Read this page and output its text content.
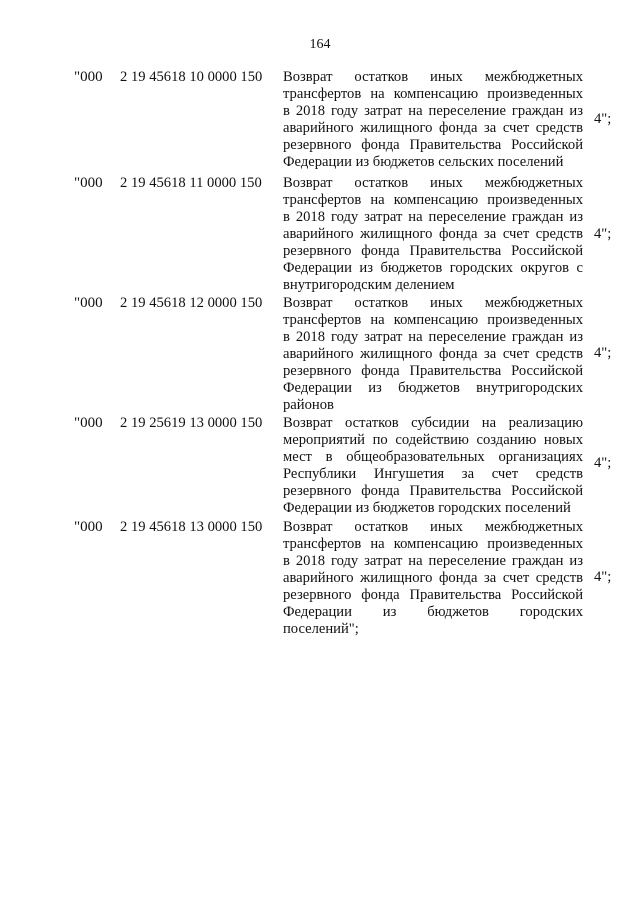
164
"000 2 19 45618 10 0000 150	Возврат остатков иных межбюджетных
трансфертов на компенсацию произведенных
в 2018 году затрат на переселение граждан из
аварийного жилищного фонда за счет средств
резервного фонда Правительства Российской
Федерации из бюджетов сельских поселений
4";
"000 2 19 45618 11 0000 150	Возврат остатков иных межбюджетных
трансфертов на компенсацию произведенных
в 2018 году затрат на переселение граждан из
аварийного жилищного фонда за счет средств
резервного фонда Правительства Российской
Федерации из бюджетов городских округов с
внутригородским делением
4";
"000 2 19 45618 12 0000 150	Возврат остатков иных межбюджетных
трансфертов на компенсацию произведенных
в 2018 году затрат на переселение граждан из
аварийного жилищного фонда за счет средств
резервного фонда Правительства Российской
Федерации из бюджетов внутригородских
районов
4";
"000 2 19 25619 13 0000 150	Возврат остатков субсидии на реализацию
мероприятий по содействию созданию новых
мест в общеобразовательных организациях
Республики Ингушетия за счет средств
резервного фонда Правительства Российской
Федерации из бюджетов городских поселений
4";
"000 2 19 45618 13 0000 150	Возврат остатков иных межбюджетных
трансфертов на компенсацию произведенных
в 2018 году затрат на переселение граждан из
аварийного жилищного фонда за счет средств
резервного фонда Правительства Российской
Федерации из бюджетов городских
поселений";
4";
